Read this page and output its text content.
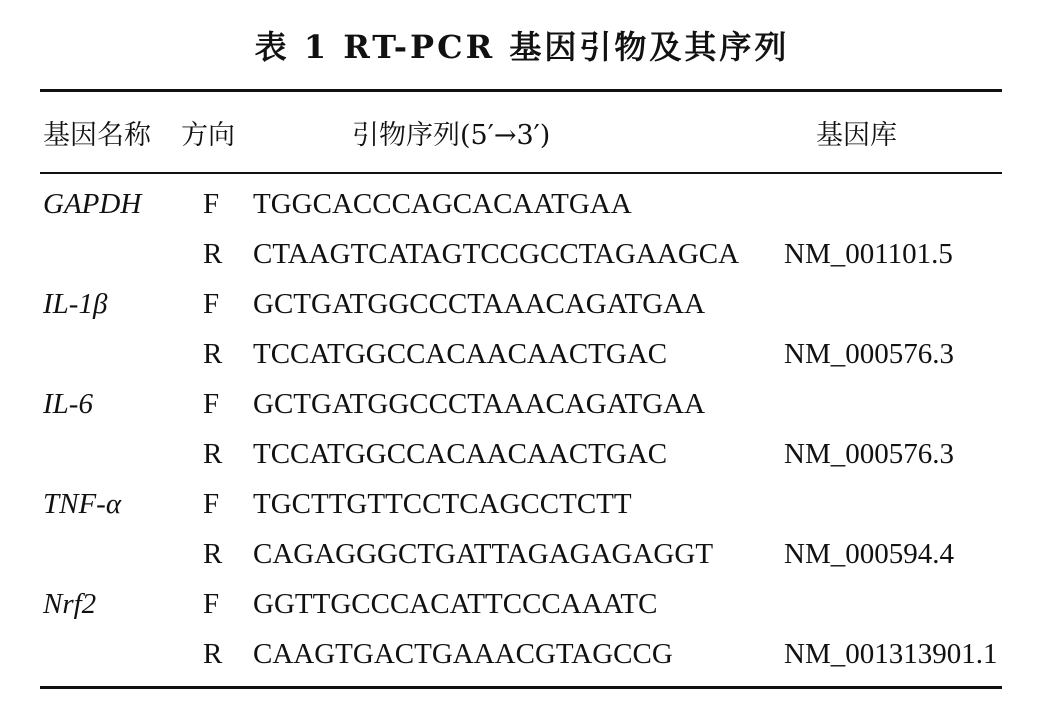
表 1 RT-PCR 基因引物及其序列
基因名称 方向	引物序列(5′→3′)	基因库
GAPDH F TGGCACCCAGCACAATGAA
R CTAAGTCATAGTCCGCCTAGAAGCA NM_001101.5
IL-1β	F GCTGATGGCCCTAAACAGATGAA
R TCCATGGCCACAACAACTGAC	NM_000576.3
IL-6	F GCTGATGGCCCTAAACAGATGAA
R TCCATGGCCACAACAACTGAC	NM_000576.3
TNF-α	F TGCTTGTTCCTCAGCCTCTT
R CAGAGGGCTGATTAGAGAGAGGT NM_000594.4
Nrf2	F GGTTGCCCACATTCCCAAATC
R CAAGTGACTGAAACGTAGCCG	NM_001313901.1
